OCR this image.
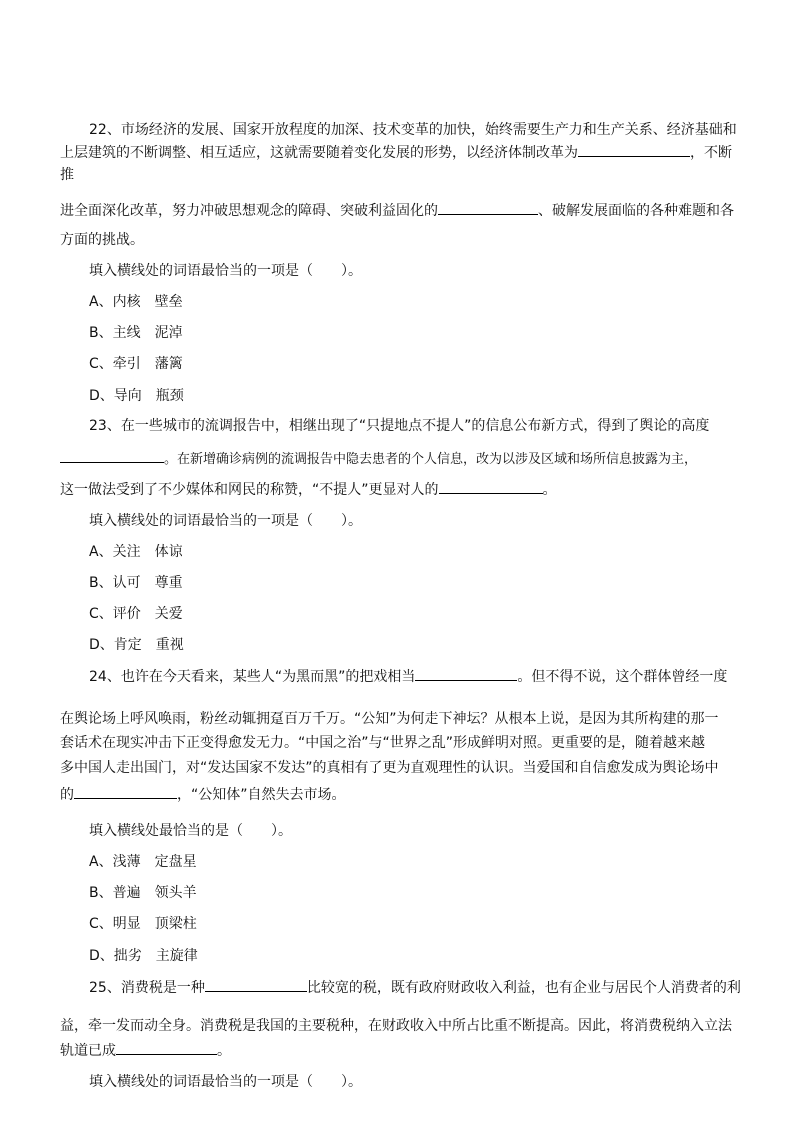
22、市场经济的发展、国家开放程度的加深、技术变革的加快，始终需要生产力和生产关系、经济基础和
上层建筑的不断调整、相互适应，这就需要随着变化发展的形势，以经济体制改革为	，不断
推
进全面深化改革，努力冲破思想观念的障碍、突破利益固化的	、破解发展面临的各种难题和各
方面的挑战。
填入横线处的词语最恰当的一项是（　　）。
A、内核 壁垒
B、主线 泥淖
C、牵引 藩篱
D、导向 瓶颈
23、在一些城市的流调报告中，相继出现了“只提地点不提人”的信息公布新方式，得到了舆论的高度
。在新增确诊病例的流调报告中隐去患者的个人信息，改为以涉及区域和场所信息披露为主，
这一做法受到了不少媒体和网民的称赞，“不提人”更显对人的	。
填入横线处的词语最恰当的一项是（　　）。
A、关注 体谅
B、认可 尊重
C、评价 关爱
D、肯定 重视
24、也许在今天看来，某些人“为黑而黑”的把戏相当	。但不得不说，这个群体曾经一度
在舆论场上呼风唤雨，粉丝动辄拥趸百万千万。“公知”为何走下神坛？从根本上说，是因为其所构建的那一
套话术在现实冲击下正变得愈发无力。“中国之治”与“世界之乱”形成鲜明对照。更重要的是，随着越来越
多中国人走出国门，对“发达国家不发达”的真相有了更为直观理性的认识。当爱国和自信愈发成为舆论场中
的	，“公知体”自然失去市场。
填入横线处最恰当的是（　　）。
A、浅薄 定盘星
B、普遍 领头羊
C、明显 顶梁柱
D、拙劣 主旋律
25、消费税是一种	比较宽的税，既有政府财政收入利益，也有企业与居民个人消费者的利
益，牵一发而动全身。消费税是我国的主要税种，在财政收入中所占比重不断提高。因此，将消费税纳入立法
轨道已成	。
填入横线处的词语最恰当的一项是（　　）。
